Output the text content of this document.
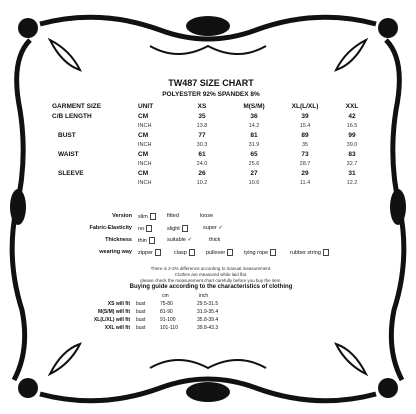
TW487 SIZE CHART
POLYESTER 92% SPANDEX 8%
GARMENT SIZE	UNIT	XS	M(S/M)	XL(L/XL)	XXL
C/B LENGTH	CM	35	36	39	42
INCH	13.8	14.2	15.4	16.5
BUST	CM	77	81	89	99
INCH	30.3	31.9	35	39.0
WAIST	CM	61	65	73	83
INCH	24.0	25.6	28.7	32.7
SLEEVE	CM	26	27	29	31
INCH	10.2	10.6	11.4	12.2
Version slim	fitted	loose
Fabric-Elasticity no	slight	super ✓
Thickness thin	suitable ✓	thick
wearing way zipper	clasp	pullover	tying rope	rubber string
There is 2-3% difference according to manual measurement.
Clothes are measured while laid flat.
please check the measurement chart carefully before you buy the item.
Buying guide according to the characteristics of clothing
cm	inch
XS will fit bust	75-80	29.5-31.5
M(S/M) will fit bust	81-90	31.9-35.4
XL(L/XL) will fit bust	91-100	35.8-39.4
XXL will fit bust	101-110	39.8-43.3
